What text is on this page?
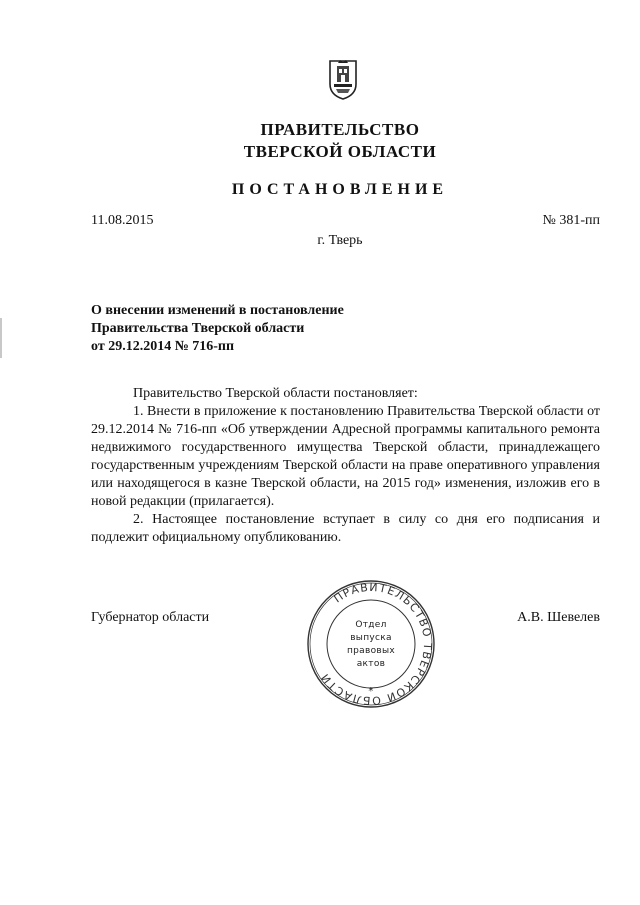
ПРАВИТЕЛЬСТВО
ТВЕРСКОЙ ОБЛАСТИ
ПОСТАНОВЛЕНИЕ
11.08.2015	№ 381-пп
г. Тверь
О внесении изменений в постановление
Правительства Тверской области
от 29.12.2014 № 716-пп

Правительство Тверской области постановляет:

1. Внести в приложение к постановлению Правительства Тверской области от 29.12.2014 № 716-пп «Об утверждении Адресной программы капитального ремонта недвижимого государственного имущества Тверской области, принадлежащего государственным учреждениям Тверской области на праве оперативного управления или находящегося в казне Тверской области, на 2015 год» изменения, изложив его в новой редакции (прилагается).

2. Настоящее постановление вступает в силу со дня его подписания и подлежит официальному опубликованию.

Губернатор области	А.В. Шевелев
ПРАВИТЕЛЬСТВО ТВЕРСКОЙ ОБЛАСТИ
Отдел
выпуска
правовых
актов
*
